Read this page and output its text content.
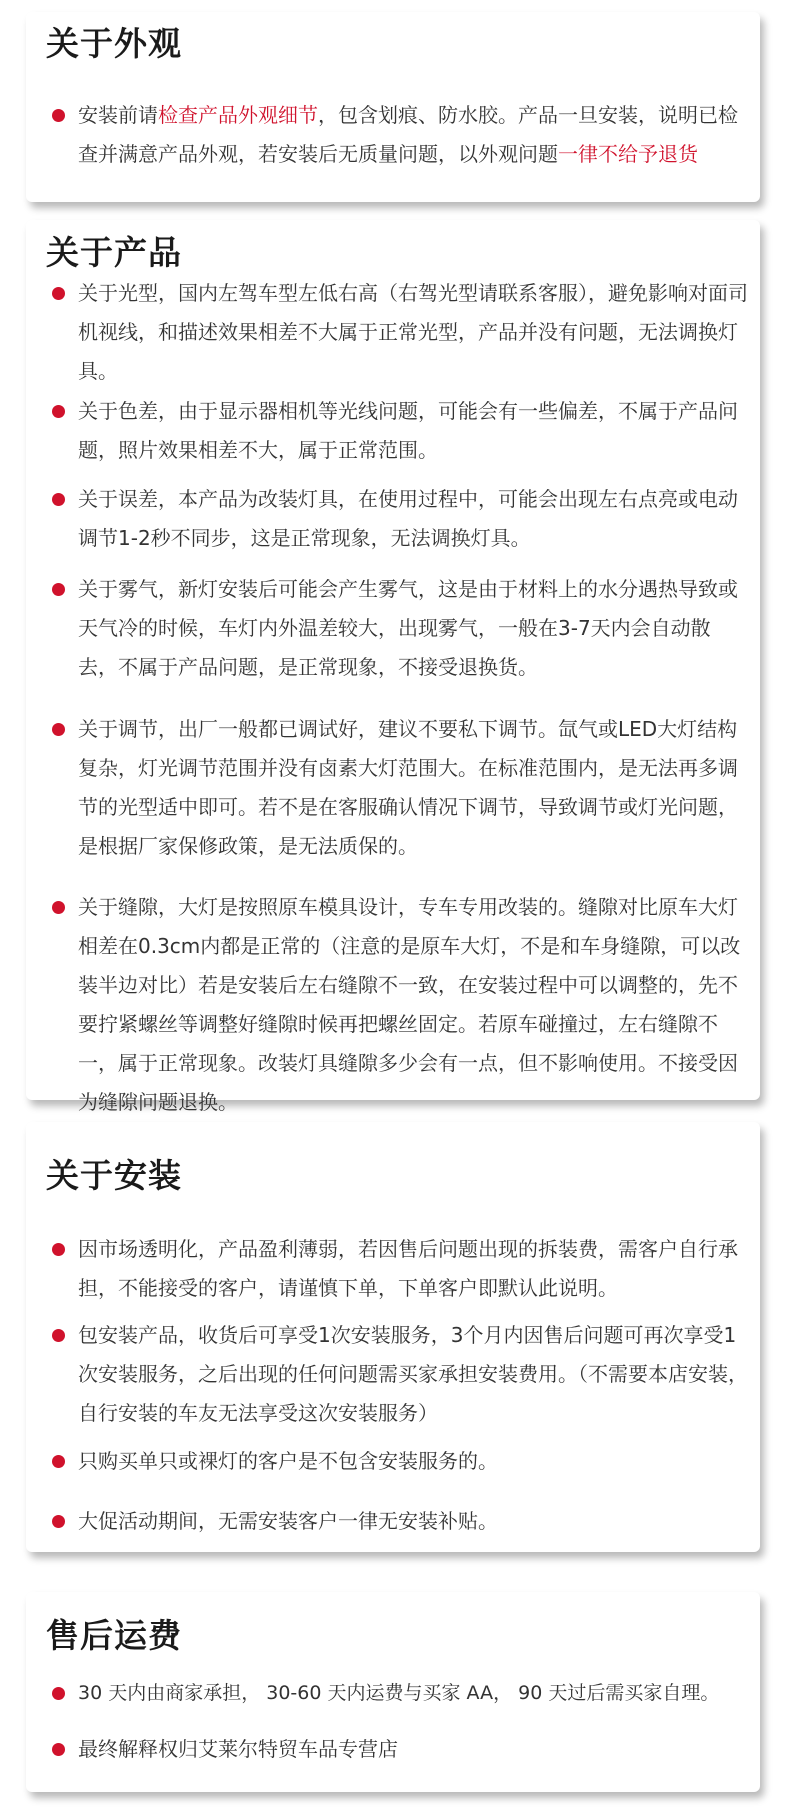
关于外观
安装前请检查产品外观细节，包含划痕、防水胶。产品一旦安装，说明已检查并满意产品外观，若安装后无质量问题，以外观问题一律不给予退货
关于产品
关于光型，国内左驾车型左低右高（右驾光型请联系客服），避免影响对面司机视线，和描述效果相差不大属于正常光型，产品并没有问题，无法调换灯具。
关于色差，由于显示器相机等光线问题，可能会有一些偏差，不属于产品问题，照片效果相差不大，属于正常范围。
关于误差，本产品为改装灯具，在使用过程中，可能会出现左右点亮或电动调节1-2秒不同步，这是正常现象，无法调换灯具。
关于雾气，新灯安装后可能会产生雾气，这是由于材料上的水分遇热导致或天气冷的时候，车灯内外温差较大，出现雾气，一般在3-7天内会自动散去，不属于产品问题，是正常现象，不接受退换货。
关于调节，出厂一般都已调试好，建议不要私下调节。氙气或LED大灯结构复杂，灯光调节范围并没有卤素大灯范围大。在标准范围内，是无法再多调节的光型适中即可。若不是在客服确认情况下调节，导致调节或灯光问题，是根据厂家保修政策，是无法质保的。
关于缝隙，大灯是按照原车模具设计，专车专用改装的。缝隙对比原车大灯相差在0.3cm内都是正常的（注意的是原车大灯，不是和车身缝隙，可以改装半边对比）若是安装后左右缝隙不一致，在安装过程中可以调整的，先不要拧紧螺丝等调整好缝隙时候再把螺丝固定。若原车碰撞过，左右缝隙不一，属于正常现象。改装灯具缝隙多少会有一点，但不影响使用。不接受因为缝隙问题退换。
关于安装
因市场透明化，产品盈利薄弱，若因售后问题出现的拆装费，需客户自行承担，不能接受的客户，请谨慎下单，下单客户即默认此说明。
包安装产品，收货后可享受1次安装服务，3个月内因售后问题可再次享受1次安装服务，之后出现的任何问题需买家承担安装费用。（不需要本店安装，自行安装的车友无法享受这次安装服务）
只购买单只或裸灯的客户是不包含安装服务的。
大促活动期间，无需安装客户一律无安装补贴。
售后运费
30 天内由商家承担， 30-60 天内运费与买家 AA， 90 天过后需买家自理。
最终解释权归艾莱尔特贸车品专营店
